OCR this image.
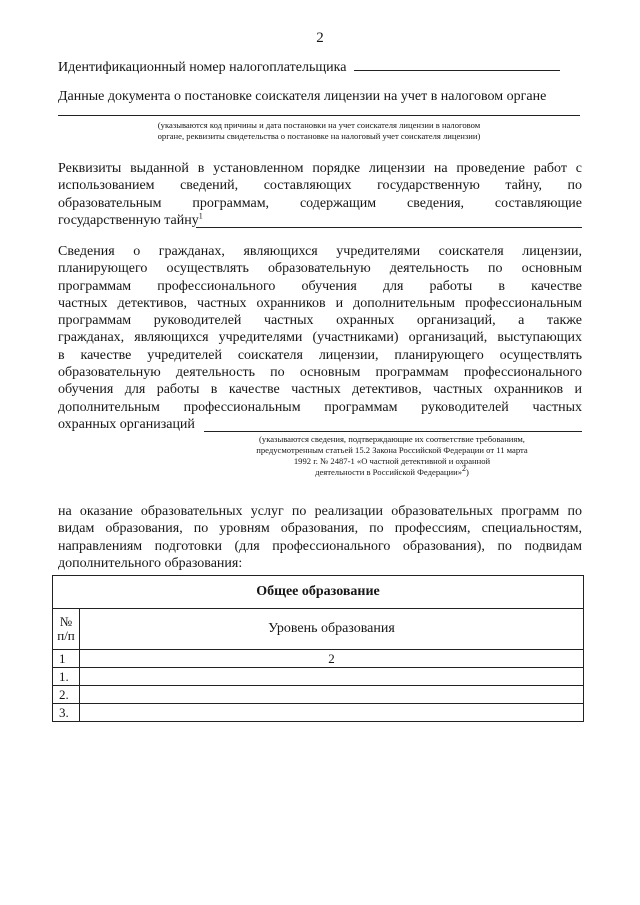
2
Идентификационный номер налогоплательщика
Данные документа о постановке соискателя лицензии на учет в налоговом органе
(указываются код причины и дата постановки на учет соискателя лицензии в налоговом
органе, реквизиты свидетельства о постановке на налоговый учет соискателя лицензии)
Реквизиты выданной в установленном порядке лицензии на проведение работ с
использованием сведений, составляющих государственную тайну, по
образовательным программам, содержащим сведения, составляющие
государственную тайну$^1$
Сведения о гражданах, являющихся учредителями соискателя лицензии,
планирующего осуществлять образовательную деятельность по основным
программам профессионального обучения для работы в качестве
частных детективов, частных охранников и дополнительным профессиональным
программам руководителей частных охранных организаций, а также
гражданах, являющихся учредителями (участниками) организаций, выступающих
в качестве учредителей соискателя лицензии, планирующего осуществлять
образовательную деятельность по основным программам профессионального
обучения для работы в качестве частных детективов, частных охранников и
дополнительным профессиональным программам руководителей частных
охранных организаций
(указываются сведения, подтверждающие их соответствие требованиям,
предусмотренным статьей 15.2 Закона Российской Федерации от 11 марта
1992 г. № 2487-1 «О частной детективной и охранной
деятельности в Российской Федерации»$^2$)
на оказание образовательных услуг по реализации образовательных программ по
видам образования, по уровням образования, по профессиям, специальностям,
направлениям подготовки (для профессионального образования), по подвидам
дополнительного образования:
Общее образование	

№
п/п	Уровень образования
1	2
1.	
2.	
3.	
